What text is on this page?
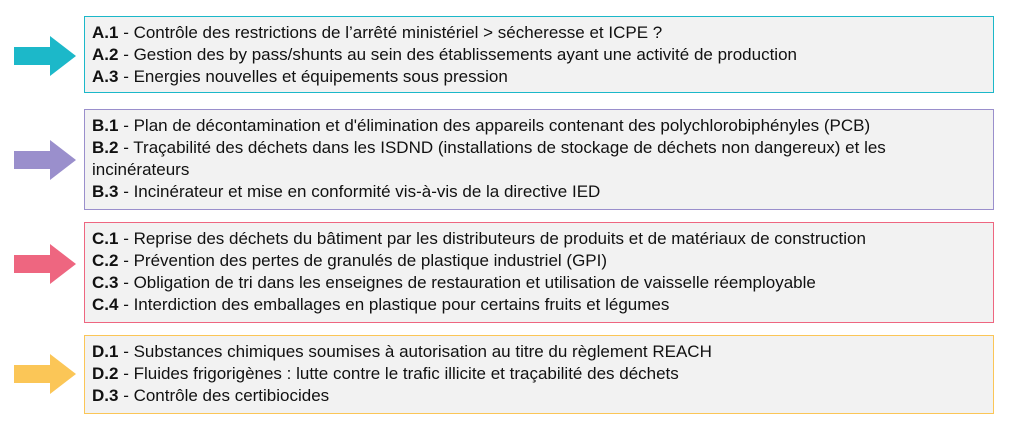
A.1 - Contrôle des restrictions de l’arrêté ministériel > sécheresse et ICPE ?
A.2 - Gestion des by pass/shunts au sein des établissements ayant une activité de production
A.3 - Energies nouvelles et équipements sous pression
B.1 - Plan de décontamination et d'élimination des appareils contenant des polychlorobiphényles (PCB)
B.2 - Traçabilité des déchets dans les ISDND (installations de stockage de déchets non dangereux) et les incinérateurs
B.3 - Incinérateur et mise en conformité vis-à-vis de la directive IED
C.1 - Reprise des déchets du bâtiment par les distributeurs de produits et de matériaux de construction
C.2 - Prévention des pertes de granulés de plastique industriel (GPI)
C.3 - Obligation de tri dans les enseignes de restauration et utilisation de vaisselle réemployable
C.4 - Interdiction des emballages en plastique pour certains fruits et légumes
D.1 - Substances chimiques soumises à autorisation au titre du règlement REACH
D.2 - Fluides frigorigènes : lutte contre le trafic illicite et traçabilité des déchets
D.3 - Contrôle des certibiocides
